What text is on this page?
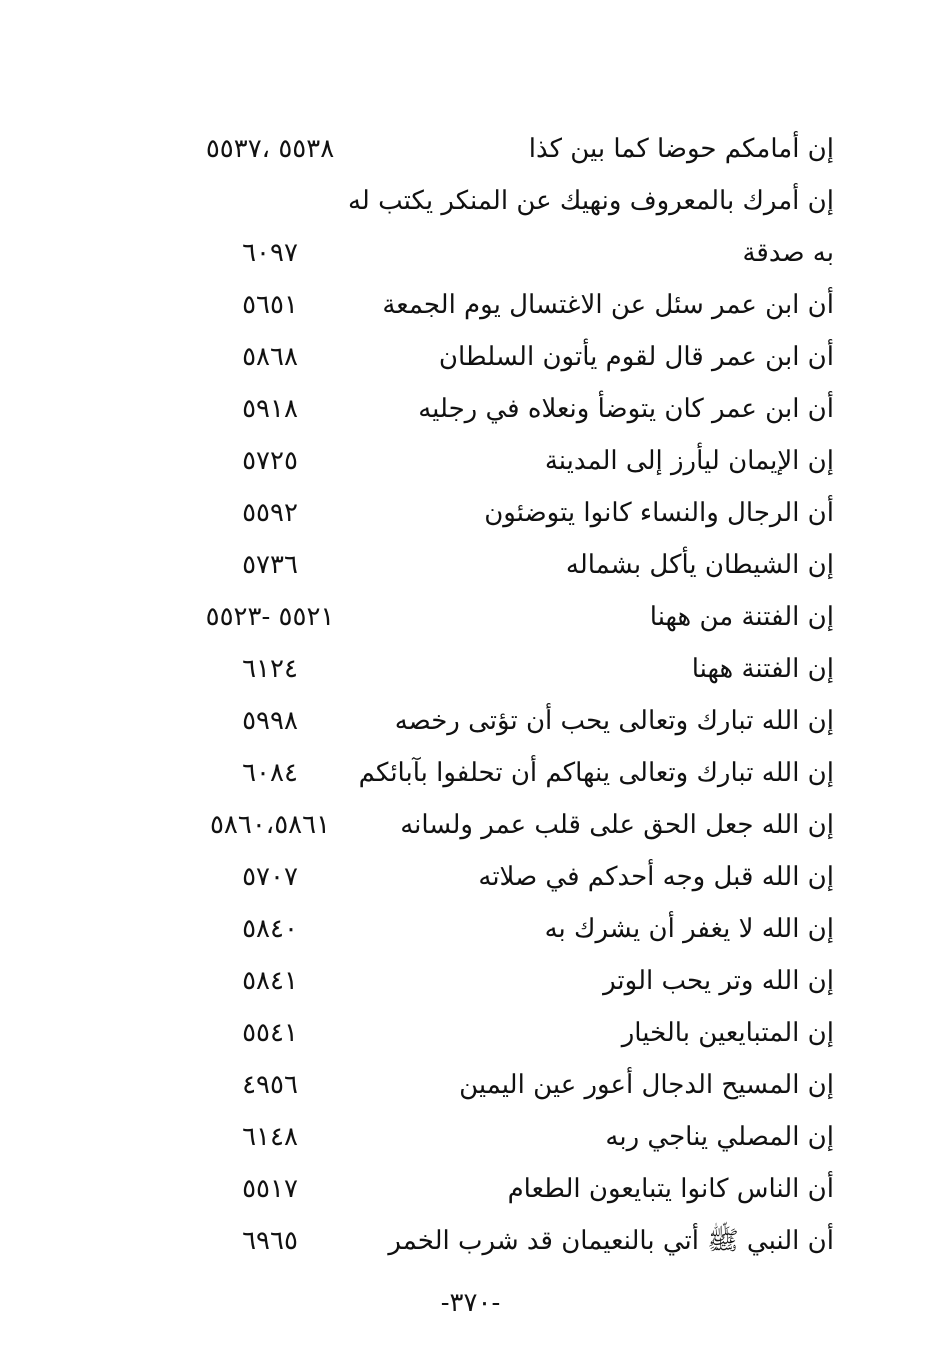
إن أمامكم حوضا كما بين كذا
٥٥٣٨ ،٥٥٣٧
إن أمرك بالمعروف ونهيك عن المنكر يكتب له
به صدقة
٦٠٩٧
أن ابن عمر سئل عن الاغتسال يوم الجمعة
٥٦٥١
أن ابن عمر قال لقوم يأتون السلطان
٥٨٦٨
أن ابن عمر كان يتوضأ ونعلاه في رجليه
٥٩١٨
إن الإيمان ليأرز إلى المدينة
٥٧٢٥
أن الرجال والنساء كانوا يتوضئون
٥٥٩٢
إن الشيطان يأكل بشماله
٥٧٣٦
إن الفتنة من ههنا
٥٥٢١ -٥٥٢٣
إن الفتنة ههنا
٦١٢٤
إن الله تبارك وتعالى يحب أن تؤتى رخصه
٥٩٩٨
إن الله تبارك وتعالى ينهاكم أن تحلفوا بآبائكم
٦٠٨٤
إن الله جعل الحق على قلب عمر ولسانه
٥٨٦٠،٥٨٦١
إن الله قبل وجه أحدكم في صلاته
٥٧٠٧
إن الله لا يغفر أن يشرك به
٥٨٤٠
إن الله وتر يحب الوتر
٥٨٤١
إن المتبايعين بالخيار
٥٥٤١
إن المسيح الدجال أعور عين اليمين
٤٩٥٦
إن المصلي يناجي ربه
٦١٤٨
أن الناس كانوا يتبايعون الطعام
٥٥١٧
أن النبي ﷺ أتي بالنعيمان قد شرب الخمر
٦٩٦٥
-٣٧٠-
